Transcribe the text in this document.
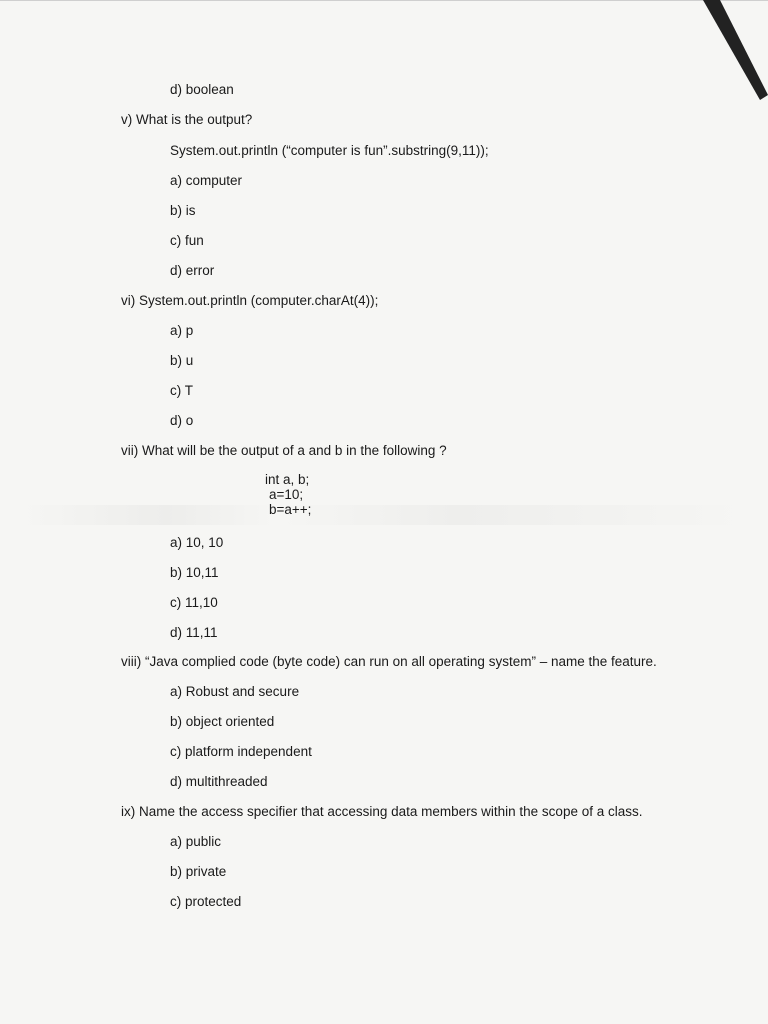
d) boolean
v) What is the output?
System.out.println (“computer is fun”.substring(9,11));
a) computer
b) is
c) fun
d) error
vi) System.out.println (computer.charAt(4));
a) p
b) u
c) T
d) o
vii) What will be the output of a and b in the following ?
int a, b;
a=10;
b=a++;
a) 10, 10
b) 10,11
c) 11,10
d) 11,11
viii) “Java complied code (byte code) can run on all operating system” – name the feature.
a) Robust and secure
b) object oriented
c) platform independent
d) multithreaded
ix) Name the access specifier that accessing data members within the scope of a class.
a) public
b) private
c) protected
